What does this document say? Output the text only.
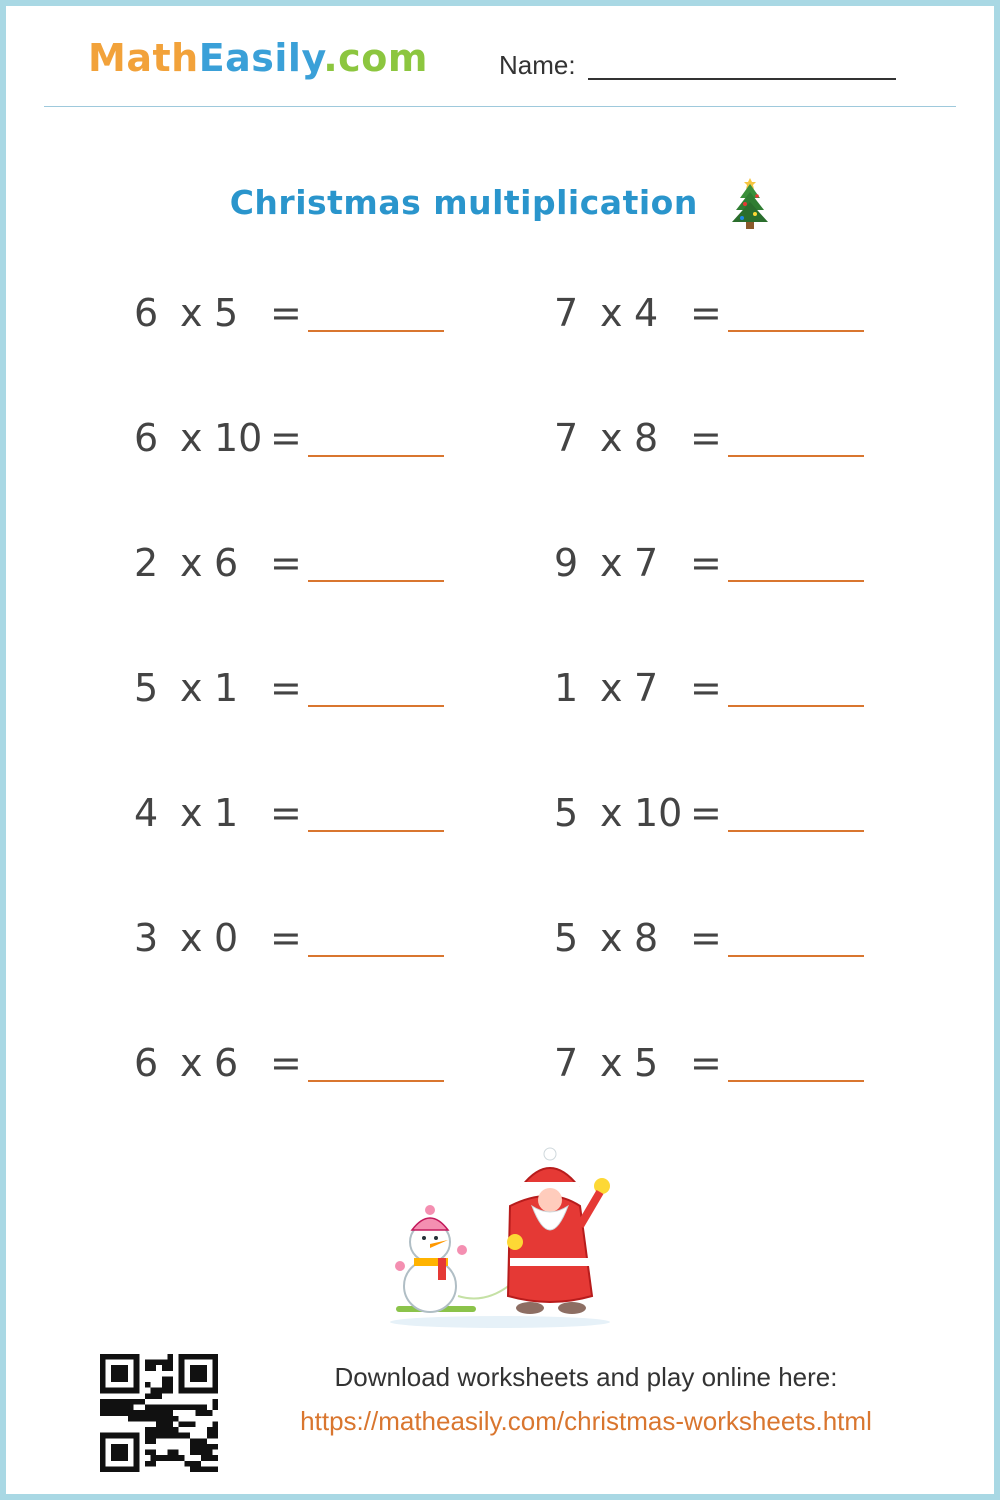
MathEasily.com	Name:
Christmas multiplication
6 x 5 =
6 x 10 =
2 x 6 =
5 x 1 =
4 x 1 =
3 x 0 =
6 x 6 =
7 x 4 =
7 x 8 =
9 x 7 =
1 x 7 =
5 x 10 =
5 x 8 =
7 x 5 =
Download worksheets and play online here:
https://matheasily.com/christmas-worksheets.html
